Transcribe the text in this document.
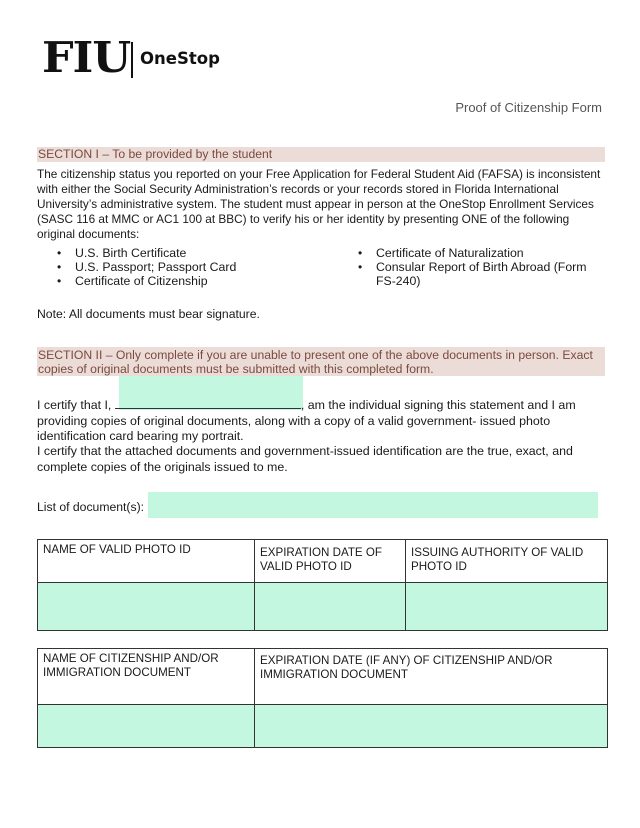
FIU OneStop
Proof of Citizenship Form
SECTION I – To be provided by the student
The citizenship status you reported on your Free Application for Federal Student Aid (FAFSA) is inconsistent with either the Social Security Administration’s records or your records stored in Florida International University’s administrative system. The student must appear in person at the OneStop Enrollment Services (SASC 116 at MMC or AC1 100 at BBC) to verify his or her identity by presenting ONE of the following original documents:
• U.S. Birth Certificate
• U.S. Passport; Passport Card
• Certificate of Citizenship
• Certificate of Naturalization
• Consular Report of Birth Abroad (Form FS-240)
Note: All documents must bear signature.
SECTION II – Only complete if you are unable to present one of the above documents in person. Exact copies of original documents must be submitted with this completed form.
I certify that I,	, am the individual signing this statement and I am providing copies of original documents, along with a copy of a valid government- issued photo identification card bearing my portrait.
I certify that the attached documents and government-issued identification are the true, exact, and complete copies of the originals issued to me.
List of document(s):
NAME OF VALID PHOTO ID	EXPIRATION DATE OF VALID PHOTO ID	ISSUING AUTHORITY OF VALID PHOTO ID

NAME OF CITIZENSHIP AND/OR IMMIGRATION DOCUMENT	EXPIRATION DATE (IF ANY) OF CITIZENSHIP AND/OR IMMIGRATION DOCUMENT
